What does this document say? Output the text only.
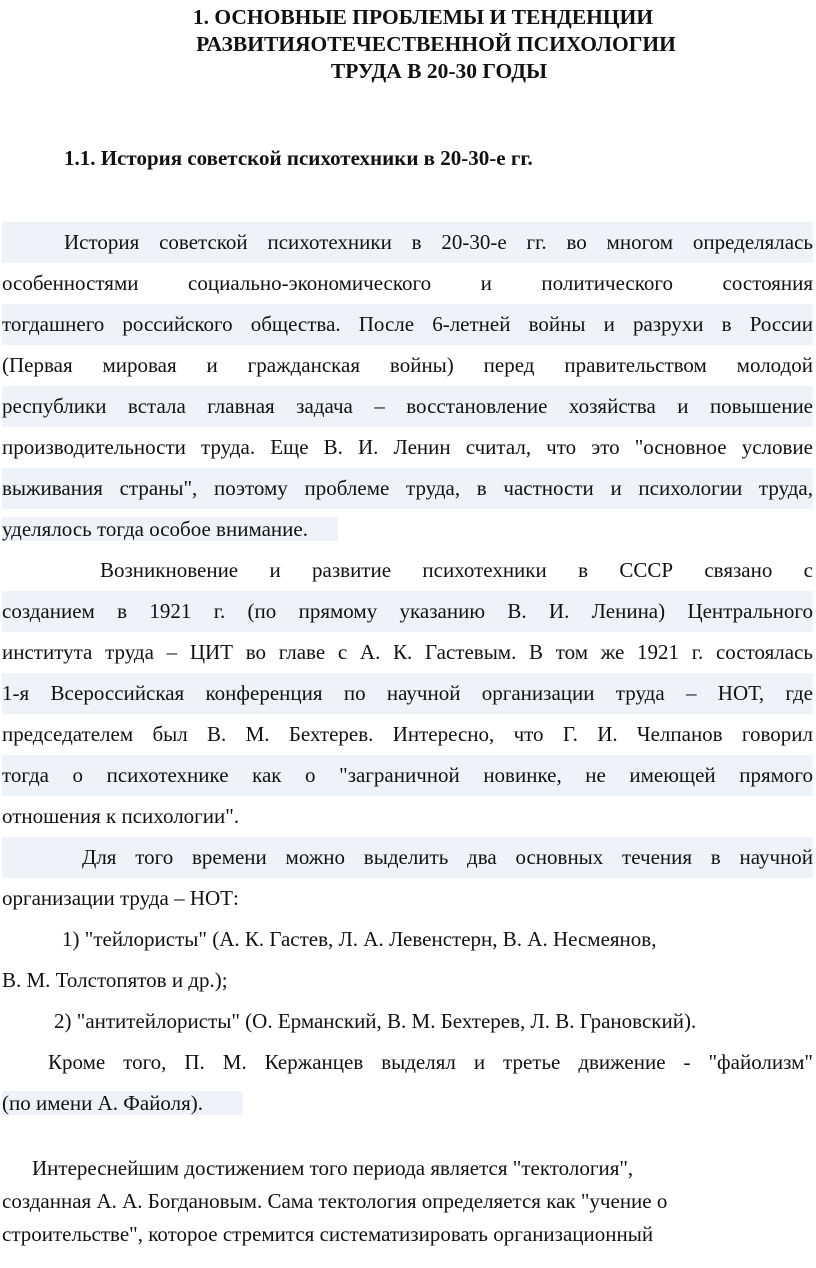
1. ОСНОВНЫЕ ПРОБЛЕМЫ И ТЕНДЕНЦИИ
РАЗВИТИЯОТЕЧЕСТВЕННОЙ ПСИХОЛОГИИ
ТРУДА В 20-30 ГОДЫ
1.1. История советской психотехники в 20-30-е гг.
История советской психотехники в 20-30-е гг. во многом определялась
особенностями социально-экономического и политического состояния
тогдашнего российского общества. После 6-летней войны и разрухи в России
(Первая мировая и гражданская войны) перед правительством молодой
республики встала главная задача – восстановление хозяйства и повышение
производительности труда. Еще В. И. Ленин считал, что это "основное условие
выживания страны", поэтому проблеме труда, в частности и психологии труда,
уделялось тогда особое внимание.
Возникновение и развитие психотехники в СССР связано с
созданием в 1921 г. (по прямому указанию В. И. Ленина) Центрального
института труда – ЦИТ во главе с А. К. Гастевым. В том же 1921 г. состоялась
1-я Всероссийская конференция по научной организации труда – НОТ, где
председателем был В. М. Бехтерев. Интересно, что Г. И. Челпанов говорил
тогда о психотехнике как о "заграничной новинке, не имеющей прямого
отношения к психологии".
Для того времени можно выделить два основных течения в научной
организации труда – НОТ:
1) "тейлористы" (А. К. Гастев, Л. А. Левенстерн, В. А. Несмеянов,
В. М. Толстопятов и др.);
2) "антитейлористы" (О. Ерманский, В. М. Бехтерев, Л. В. Грановский).
Кроме того, П. М. Кержанцев выделял и третье движение - "файолизм"
(по имени А. Файоля).
Интереснейшим достижением того периода является "тектология",
созданная А. А. Богдановым. Сама тектология определяется как "учение о
строительстве", которое стремится систематизировать организационный
